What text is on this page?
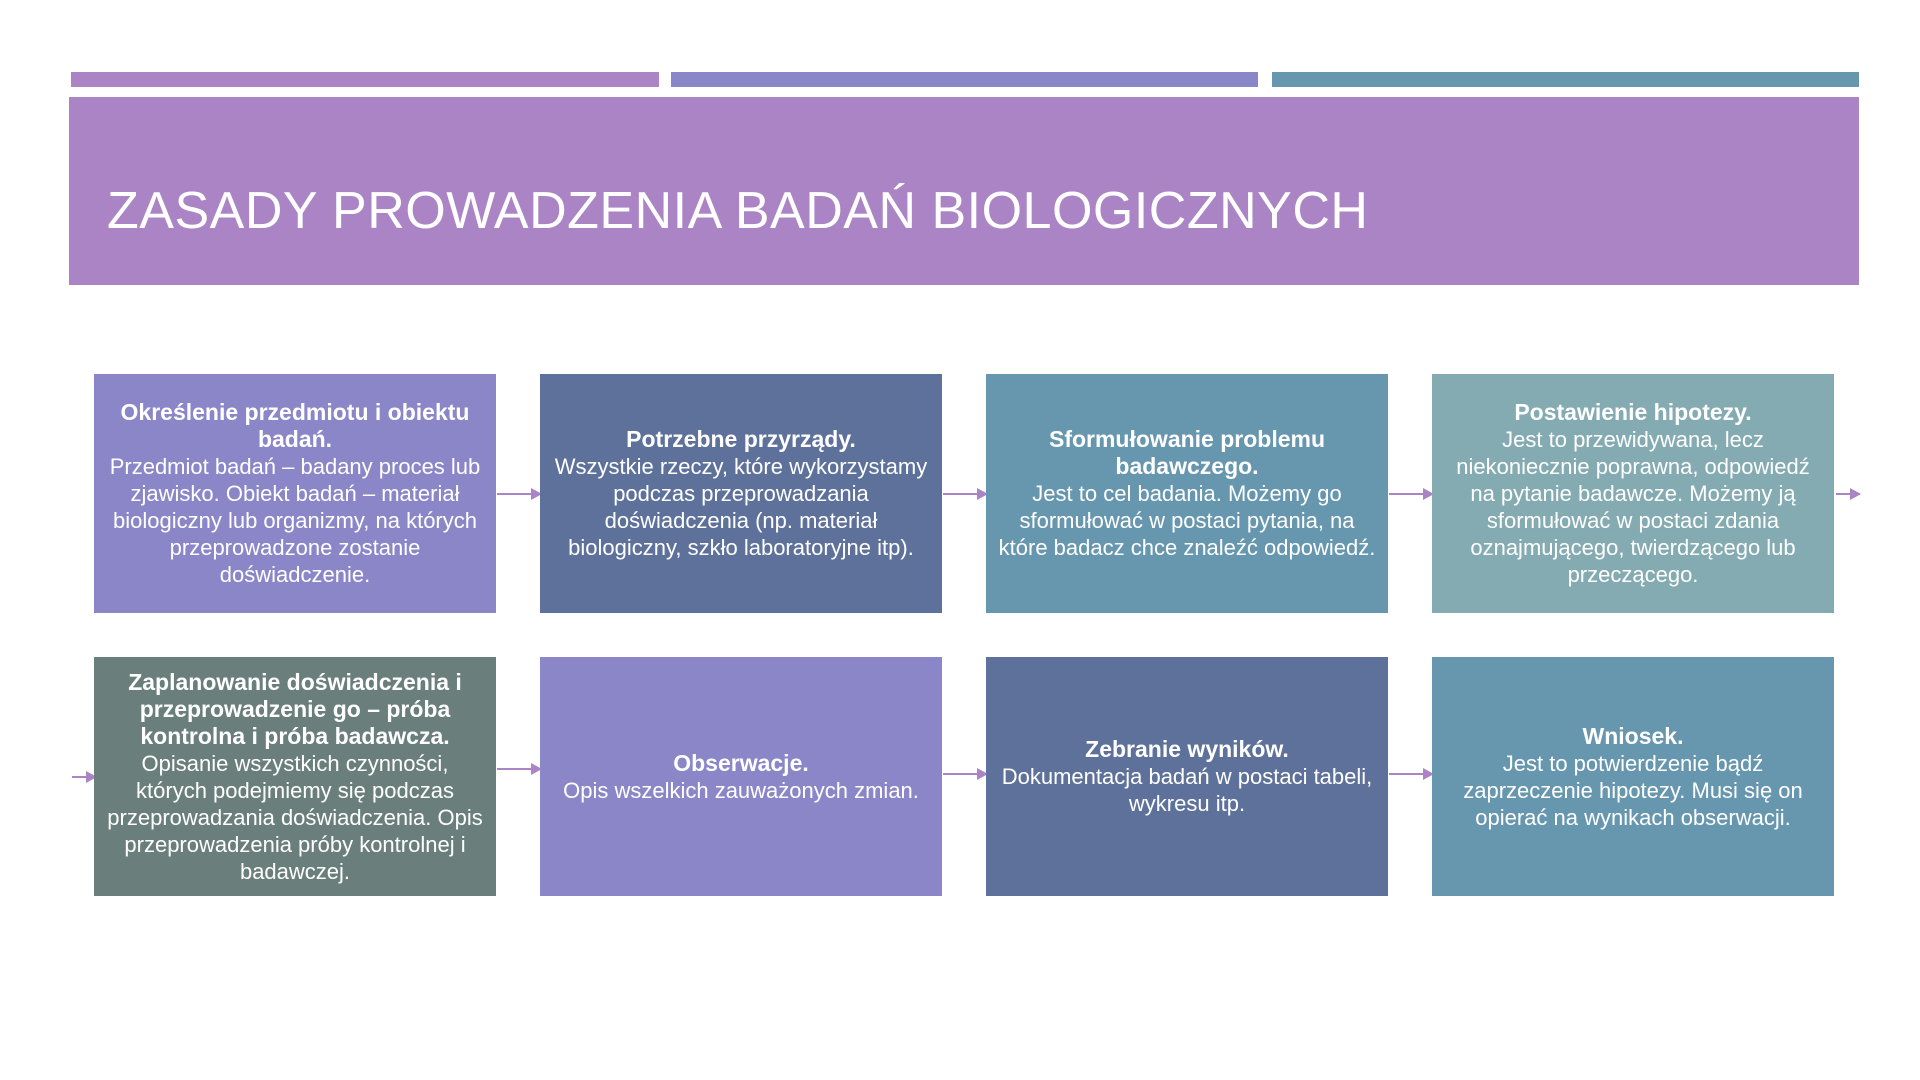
ZASADY PROWADZENIA BADAŃ BIOLOGICZNYCH
Określenie przedmiotu i obiektu badań.
Przedmiot badań – badany proces lub zjawisko. Obiekt badań – materiał biologiczny lub organizmy, na których przeprowadzone zostanie doświadczenie.
Potrzebne przyrządy.
Wszystkie rzeczy, które wykorzystamy podczas przeprowadzania doświadczenia (np. materiał biologiczny, szkło laboratoryjne itp).
Sformułowanie problemu badawczego.
Jest to cel badania. Możemy go sformułować w postaci pytania, na które badacz chce znaleźć odpowiedź.
Postawienie hipotezy.
Jest to przewidywana, lecz niekoniecznie poprawna, odpowiedź na pytanie badawcze. Możemy ją sformułować w postaci zdania oznajmującego, twierdzącego lub przeczącego.
Zaplanowanie doświadczenia i przeprowadzenie go – próba kontrolna i próba badawcza.
Opisanie wszystkich czynności, których podejmiemy się podczas przeprowadzania doświadczenia. Opis przeprowadzenia próby kontrolnej i badawczej.
Obserwacje.
Opis wszelkich zauważonych zmian.
Zebranie wyników.
Dokumentacja badań w postaci tabeli, wykresu itp.
Wniosek.
Jest to potwierdzenie bądź zaprzeczenie hipotezy. Musi się on opierać na wynikach obserwacji.
